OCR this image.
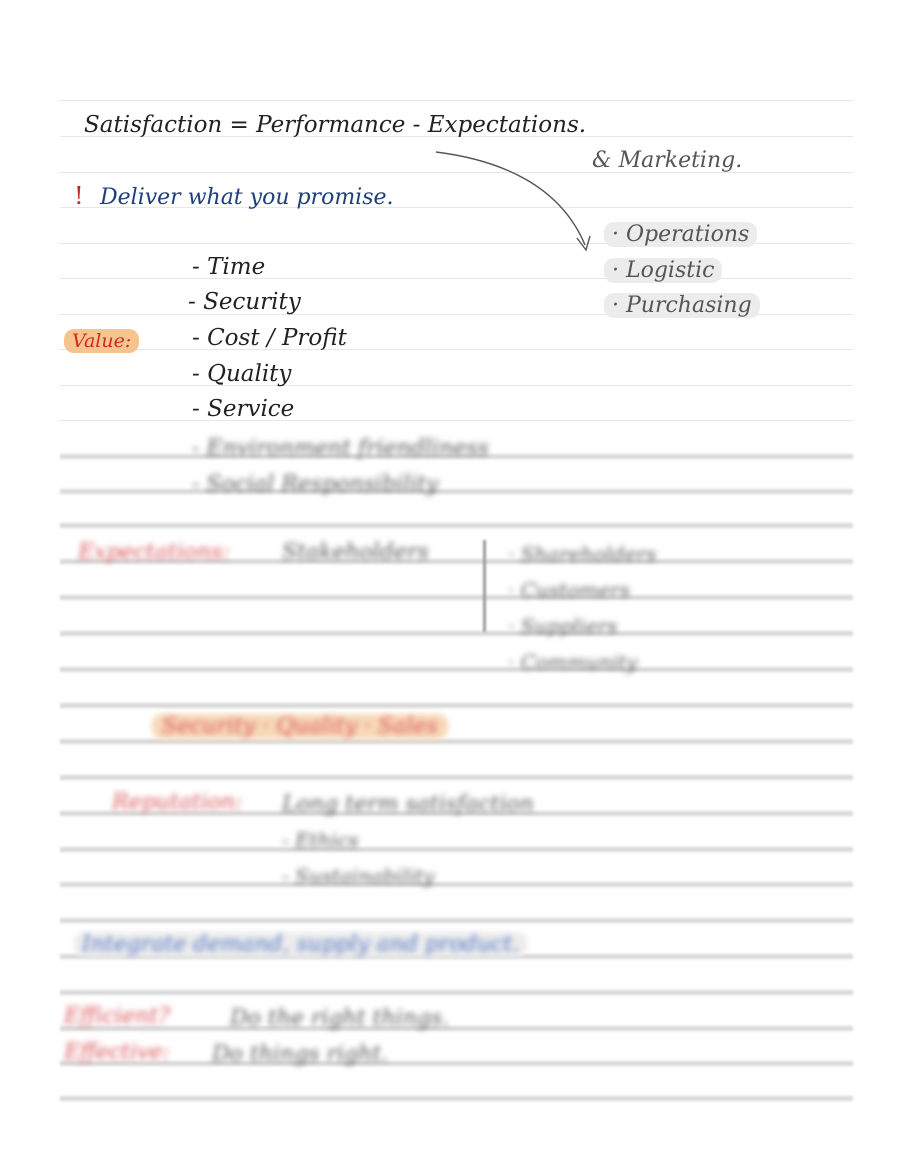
Satisfaction = Performance - Expectations.
& Marketing.
! Deliver what you promise.
· Operations
· Logistic
· Purchasing
Value:
- Time
- Security
- Cost / Profit
- Quality
- Service
- Environment friendliness
- Social Responsibility
Expectations: Stakeholders	· Shareholders
· Customers
· Suppliers
· Community
Security · Quality · Sales
Reputation: Long term satisfaction
- Ethics
- Sustainability
Integrate demand, supply and product.
Efficient?	Do the right things.
Effective: Do things right.
